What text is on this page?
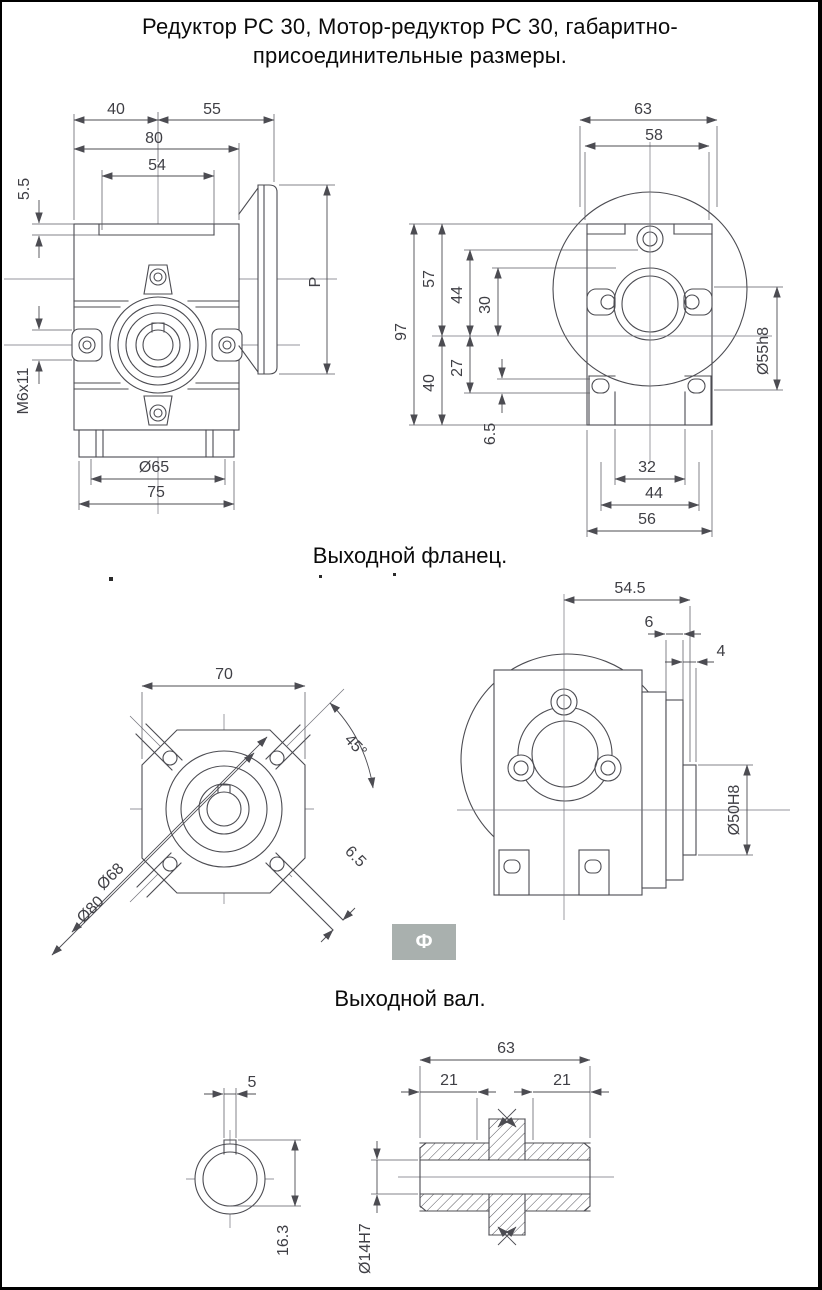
Редуктор РС 30, Мотор-редуктор РС 30, габаритно-
присоединительные размеры.
Выходной фланец.
Выходной вал.
Ф
40	55
80
54
5.5
M6x11
P
Ø65
75
63
58
97
57
44
30
40
27
6.5
Ø55h8
32
44
56
70
45°
Ø68
Ø80
6.5
54.5
6
4
Ø50H8
5
16.3
63
21	21
Ø14H7
